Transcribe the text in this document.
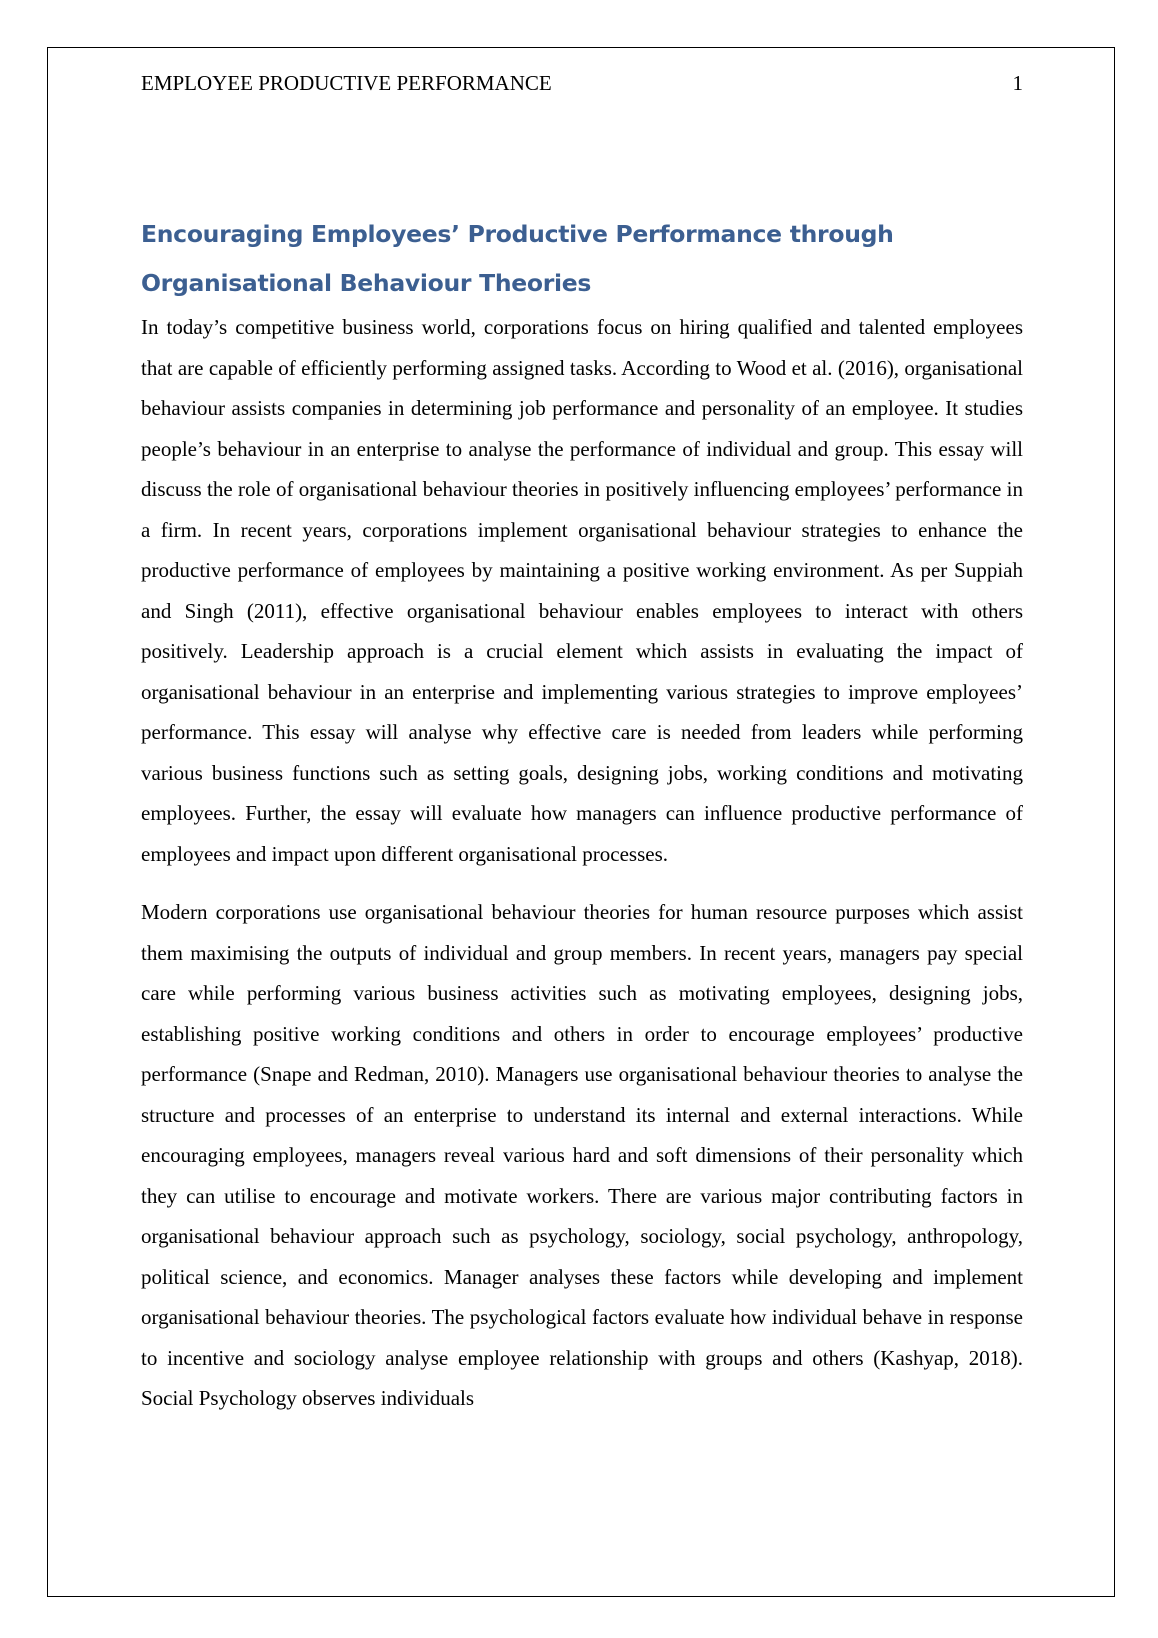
EMPLOYEE PRODUCTIVE PERFORMANCE	1
Encouraging Employees’ Productive Performance through
Organisational Behaviour Theories

In today’s competitive business world, corporations focus on hiring qualified and talented employees that are capable of efficiently performing assigned tasks. According to Wood et al. (2016), organisational behaviour assists companies in determining job performance and personality of an employee. It studies people’s behaviour in an enterprise to analyse the performance of individual and group. This essay will discuss the role of organisational behaviour theories in positively influencing employees’ performance in a firm. In recent years, corporations implement organisational behaviour strategies to enhance the productive performance of employees by maintaining a positive working environment. As per Suppiah and Singh (2011), effective organisational behaviour enables employees to interact with others positively. Leadership approach is a crucial element which assists in evaluating the impact of organisational behaviour in an enterprise and implementing various strategies to improve employees’ performance. This essay will analyse why effective care is needed from leaders while performing various business functions such as setting goals, designing jobs, working conditions and motivating employees. Further, the essay will evaluate how managers can influence productive performance of employees and impact upon different organisational processes.

Modern corporations use organisational behaviour theories for human resource purposes which assist them maximising the outputs of individual and group members. In recent years, managers pay special care while performing various business activities such as motivating employees, designing jobs, establishing positive working conditions and others in order to encourage employees’ productive performance (Snape and Redman, 2010). Managers use organisational behaviour theories to analyse the structure and processes of an enterprise to understand its internal and external interactions. While encouraging employees, managers reveal various hard and soft dimensions of their personality which they can utilise to encourage and motivate workers. There are various major contributing factors in organisational behaviour approach such as psychology, sociology, social psychology, anthropology, political science, and economics. Manager analyses these factors while developing and implement organisational behaviour theories. The psychological factors evaluate how individual behave in response to incentive and sociology analyse employee relationship with groups and others (Kashyap, 2018). Social Psychology observes individuals
